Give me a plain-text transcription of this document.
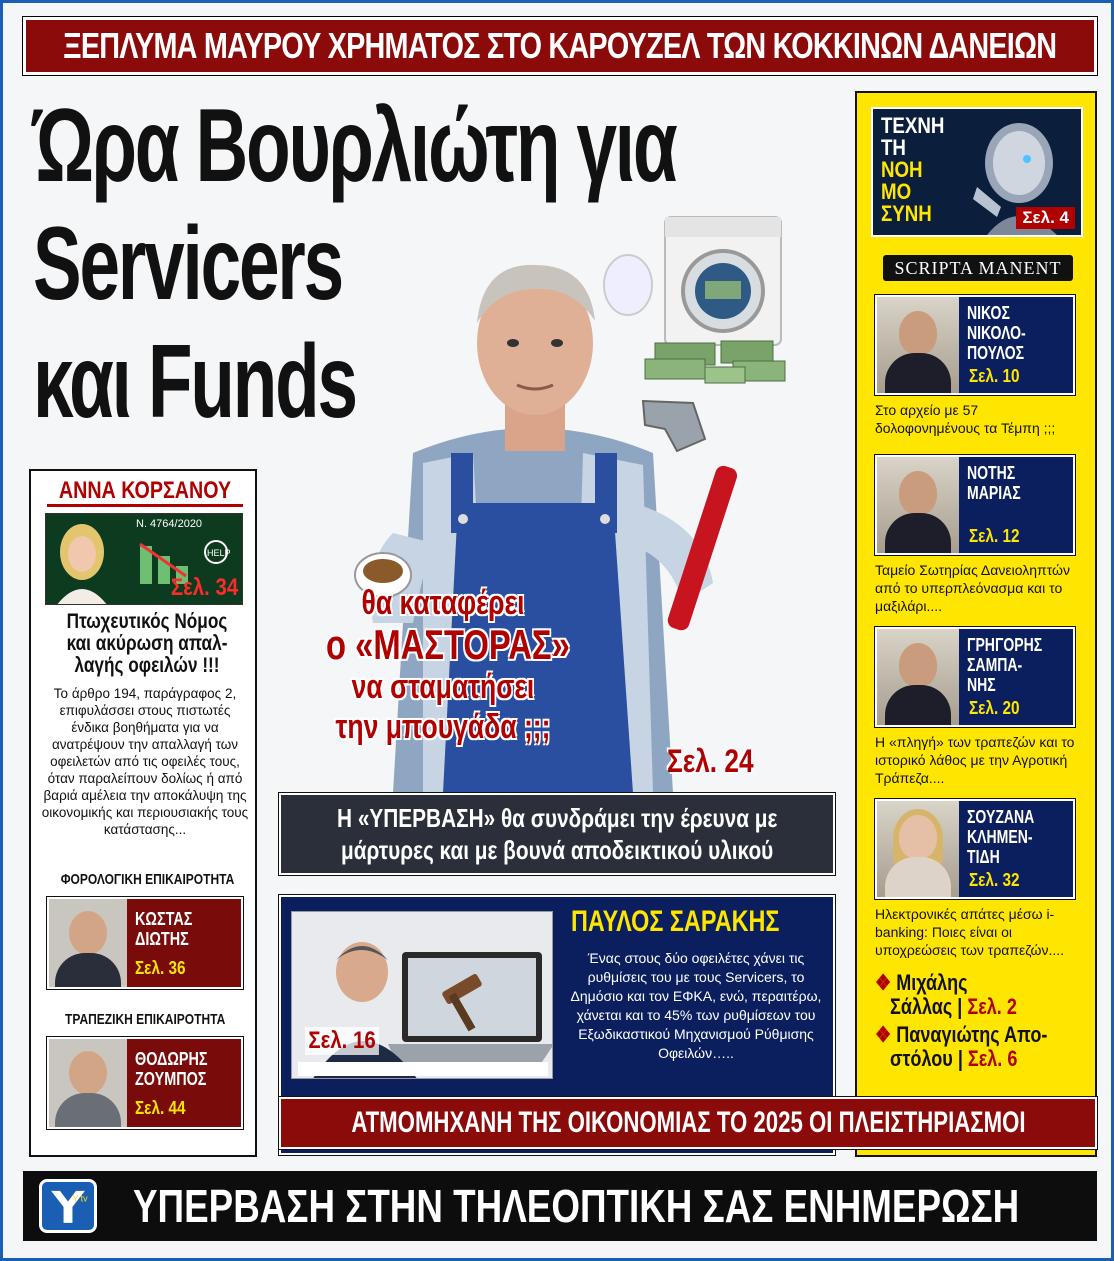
ΞΕΠΛΥΜΑ ΜΑΥΡΟΥ ΧΡΗΜΑΤΟΣ ΣΤΟ ΚΑΡΟΥΖΕΛ ΤΩΝ ΚΟΚΚΙΝΩΝ ΔΑΝΕΙΩΝ
Ώρα Βουρλιώτη για
Servicers
και Funds
θα καταφέρει
ο «ΜΑΣΤΟΡΑΣ»
να σταματήσει
την μπουγάδα ;;;
Σελ. 24
Η «ΥΠΕΡΒΑΣΗ» θα συνδράμει την έρευνα με
μάρτυρες και με βουνά αποδεικτικού υλικού
ΑΝΝΑ ΚΟΡΣΑΝΟΥ
Ν. 4764/2020
HELP
Σελ. 34
Πτωχευτικός Νόμος
και ακύρωση απαλ-
λαγής οφειλών !!!
Το άρθρο 194, παράγραφος 2, επιφυλάσσει στους πιστωτές ένδικα βοηθήματα για να ανατρέψουν την απαλλαγή των οφειλετών από τις οφειλές τους, όταν παραλείπουν δολίως ή από βαριά αμέλεια την αποκάλυψη της οικονομικής και περιουσιακής τους κατάστασης...
ΦΟΡΟΛΟΓΙΚΗ ΕΠΙΚΑΙΡΟΤΗΤΑ
ΚΩΣΤΑΣ
ΔΙΩΤΗΣ
Σελ. 36
ΤΡΑΠΕΖΙΚΗ ΕΠΙΚΑΙΡΟΤΗΤΑ
ΘΟΔΩΡΗΣ
ΖΟΥΜΠΟΣ
Σελ. 44
ΤΕΧΝΗ
ΤΗ
ΝΟΗ
ΜΟ
ΣΥΝΗ	Σελ. 4
SCRIPTA MANENT
ΝΙΚΟΣ
ΝΙΚΟΛΟ-
ΠΟΥΛΟΣ
Σελ. 10
Στο αρχείο με 57 δολοφονημένους τα Τέμπη ;;;
ΝΟΤΗΣ
ΜΑΡΙΑΣ
Σελ. 12
Ταμείο Σωτηρίας Δανειοληπτών από το υπερπλεόνασμα και το μαξιλάρι....
ΓΡΗΓΟΡΗΣ
ΣΑΜΠΑ-
ΝΗΣ
Σελ. 20
Η «πληγή» των τραπεζών και το ιστορικό λάθος με την Αγροτική Τράπεζα....
ΣΟΥΖΑΝΑ
ΚΛΗΜΕΝ-
ΤΙΔΗ
Σελ. 32
Ηλεκτρονικές απάτες μέσω i-banking: Ποιες είναι οι υποχρεώσεις των τραπεζών....
❖ Μιχάλης
Σάλλας | Σελ. 2
❖ Παναγιώτης Απο-
στόλου | Σελ. 6
Σελ. 16
ΠΑΥΛΟΣ ΣΑΡΑΚΗΣ
Ένας στους δύο οφειλέτες χάνει τις ρυθμίσεις του με τους Servicers, το Δημόσιο και τον ΕΦΚΑ, ενώ, περαιτέρω, χάνεται και το 45% των ρυθμίσεων του Εξωδικαστικού Μηχανισμού Ρύθμισης Οφειλών…..
ΑΤΜΟΜΗΧΑΝΗ ΤΗΣ ΟΙΚΟΝΟΜΙΑΣ ΤΟ 2025 ΟΙ ΠΛΕΙΣΤΗΡΙΑΣΜΟΙ
Y tv ΥΠΕΡΒΑΣΗ ΣΤΗΝ ΤΗΛΕΟΠΤΙΚΗ ΣΑΣ ΕΝΗΜΕΡΩΣΗ
